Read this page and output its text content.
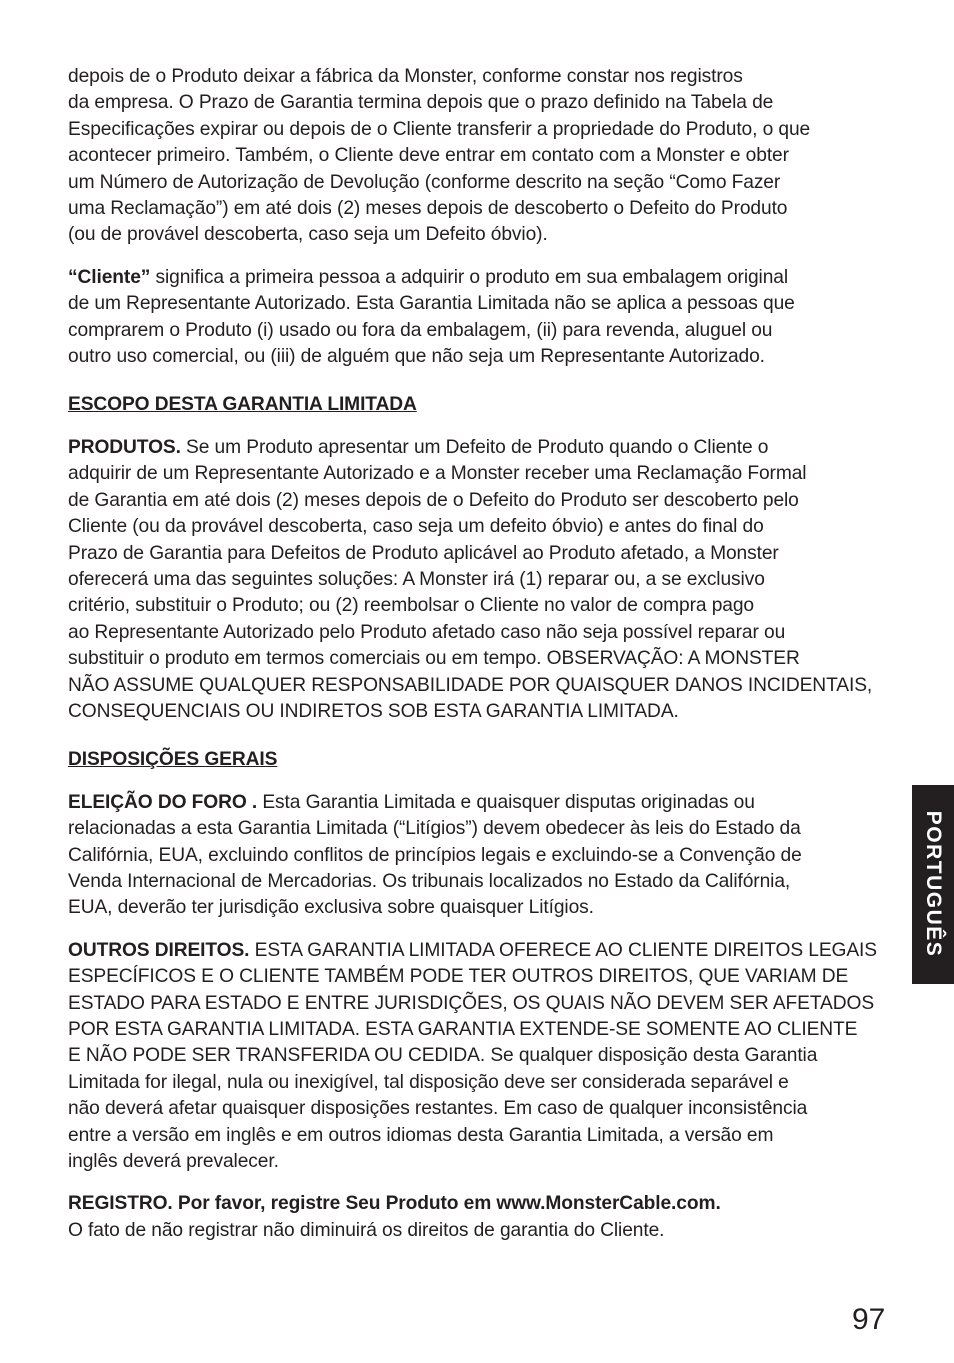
depois de o Produto deixar a fábrica da Monster, conforme constar nos registros
da empresa. O Prazo de Garantia termina depois que o prazo definido na Tabela de
Especificações expirar ou depois de o Cliente transferir a propriedade do Produto, o que
acontecer primeiro. Também, o Cliente deve entrar em contato com a Monster e obter
um Número de Autorização de Devolução (conforme descrito na seção “Como Fazer
uma Reclamação”) em até dois (2) meses depois de descoberto o Defeito do Produto
(ou de provável descoberta, caso seja um Defeito óbvio).

“Cliente” significa a primeira pessoa a adquirir o produto em sua embalagem original
de um Representante Autorizado. Esta Garantia Limitada não se aplica a pessoas que
comprarem o Produto (i) usado ou fora da embalagem, (ii) para revenda, aluguel ou
outro uso comercial, ou (iii) de alguém que não seja um Representante Autorizado.

ESCOPO DESTA GARANTIA LIMITADA

PRODUTOS. Se um Produto apresentar um Defeito de Produto quando o Cliente o
adquirir de um Representante Autorizado e a Monster receber uma Reclamação Formal
de Garantia em até dois (2) meses depois de o Defeito do Produto ser descoberto pelo
Cliente (ou da provável descoberta, caso seja um defeito óbvio) e antes do final do
Prazo de Garantia para Defeitos de Produto aplicável ao Produto afetado, a Monster
oferecerá uma das seguintes soluções: A Monster irá (1) reparar ou, a se exclusivo
critério, substituir o Produto; ou (2) reembolsar o Cliente no valor de compra pago
ao Representante Autorizado pelo Produto afetado caso não seja possível reparar ou
substituir o produto em termos comerciais ou em tempo. OBSERVAÇÃO: A MONSTER
NÃO ASSUME QUALQUER RESPONSABILIDADE POR QUAISQUER DANOS INCIDENTAIS,
CONSEQUENCIAIS OU INDIRETOS SOB ESTA GARANTIA LIMITADA.

DISPOSIÇÕES GERAIS

ELEIÇÃO DO FORO . Esta Garantia Limitada e quaisquer disputas originadas ou
relacionadas a esta Garantia Limitada (“Litígios”) devem obedecer às leis do Estado da
Califórnia, EUA, excluindo conflitos de princípios legais e excluindo-se a Convenção de
Venda Internacional de Mercadorias. Os tribunais localizados no Estado da Califórnia,
EUA, deverão ter jurisdição exclusiva sobre quaisquer Litígios.

OUTROS DIREITOS. ESTA GARANTIA LIMITADA OFERECE AO CLIENTE DIREITOS LEGAIS
ESPECÍFICOS E O CLIENTE TAMBÉM PODE TER OUTROS DIREITOS, QUE VARIAM DE
ESTADO PARA ESTADO E ENTRE JURISDIÇÕES, OS QUAIS NÃO DEVEM SER AFETADOS
POR ESTA GARANTIA LIMITADA. ESTA GARANTIA EXTENDE-SE SOMENTE AO CLIENTE
E NÃO PODE SER TRANSFERIDA OU CEDIDA. Se qualquer disposição desta Garantia
Limitada for ilegal, nula ou inexigível, tal disposição deve ser considerada separável e
não deverá afetar quaisquer disposições restantes. Em caso de qualquer inconsistência
entre a versão em inglês e em outros idiomas desta Garantia Limitada, a versão em
inglês deverá prevalecer.

REGISTRO. Por favor, registre Seu Produto em www.MonsterCable.com.
O fato de não registrar não diminuirá os direitos de garantia do Cliente.

PORTUGUÊS
97
